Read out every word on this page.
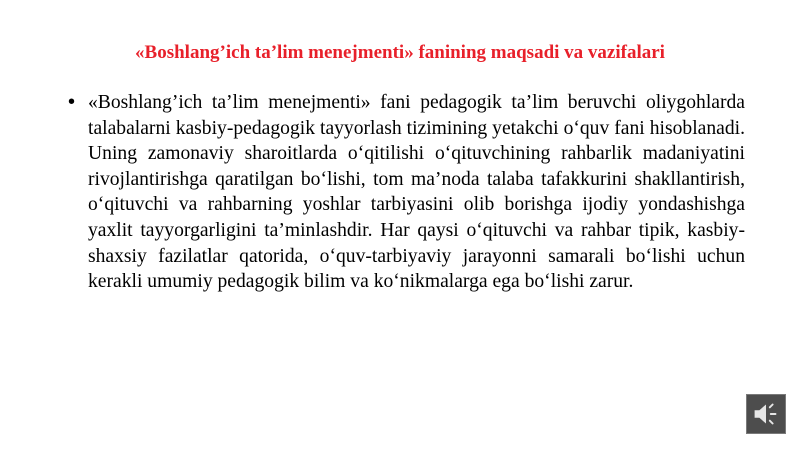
«Boshlang’ich ta’lim menejmenti» fanining maqsadi va vazifalari
• «Boshlang’ich ta’lim menejmenti» fani pedagogik ta’lim beruvchi oliygohlarda talabalarni kasbiy-pedagogik tayyorlash tizimining yetakchi o‘quv fani hisoblanadi. Uning zamonaviy sharoitlarda o‘qitilishi o‘qituvchining rahbarlik madaniyatini rivojlantirishga qaratilgan bo‘lishi, tom ma’noda talaba tafakkurini shakllantirish, o‘qituvchi va rahbarning yoshlar tarbiyasini olib borishga ijodiy yondashishga yaxlit tayyorgarligini ta’minlashdir. Har qaysi o‘qituvchi va rahbar tipik, kasbiy-shaxsiy fazilatlar qatorida, o‘quv-tarbiyaviy jarayonni samarali bo‘lishi uchun kerakli umumiy pedagogik bilim va ko‘nikmalarga ega bo‘lishi zarur.
